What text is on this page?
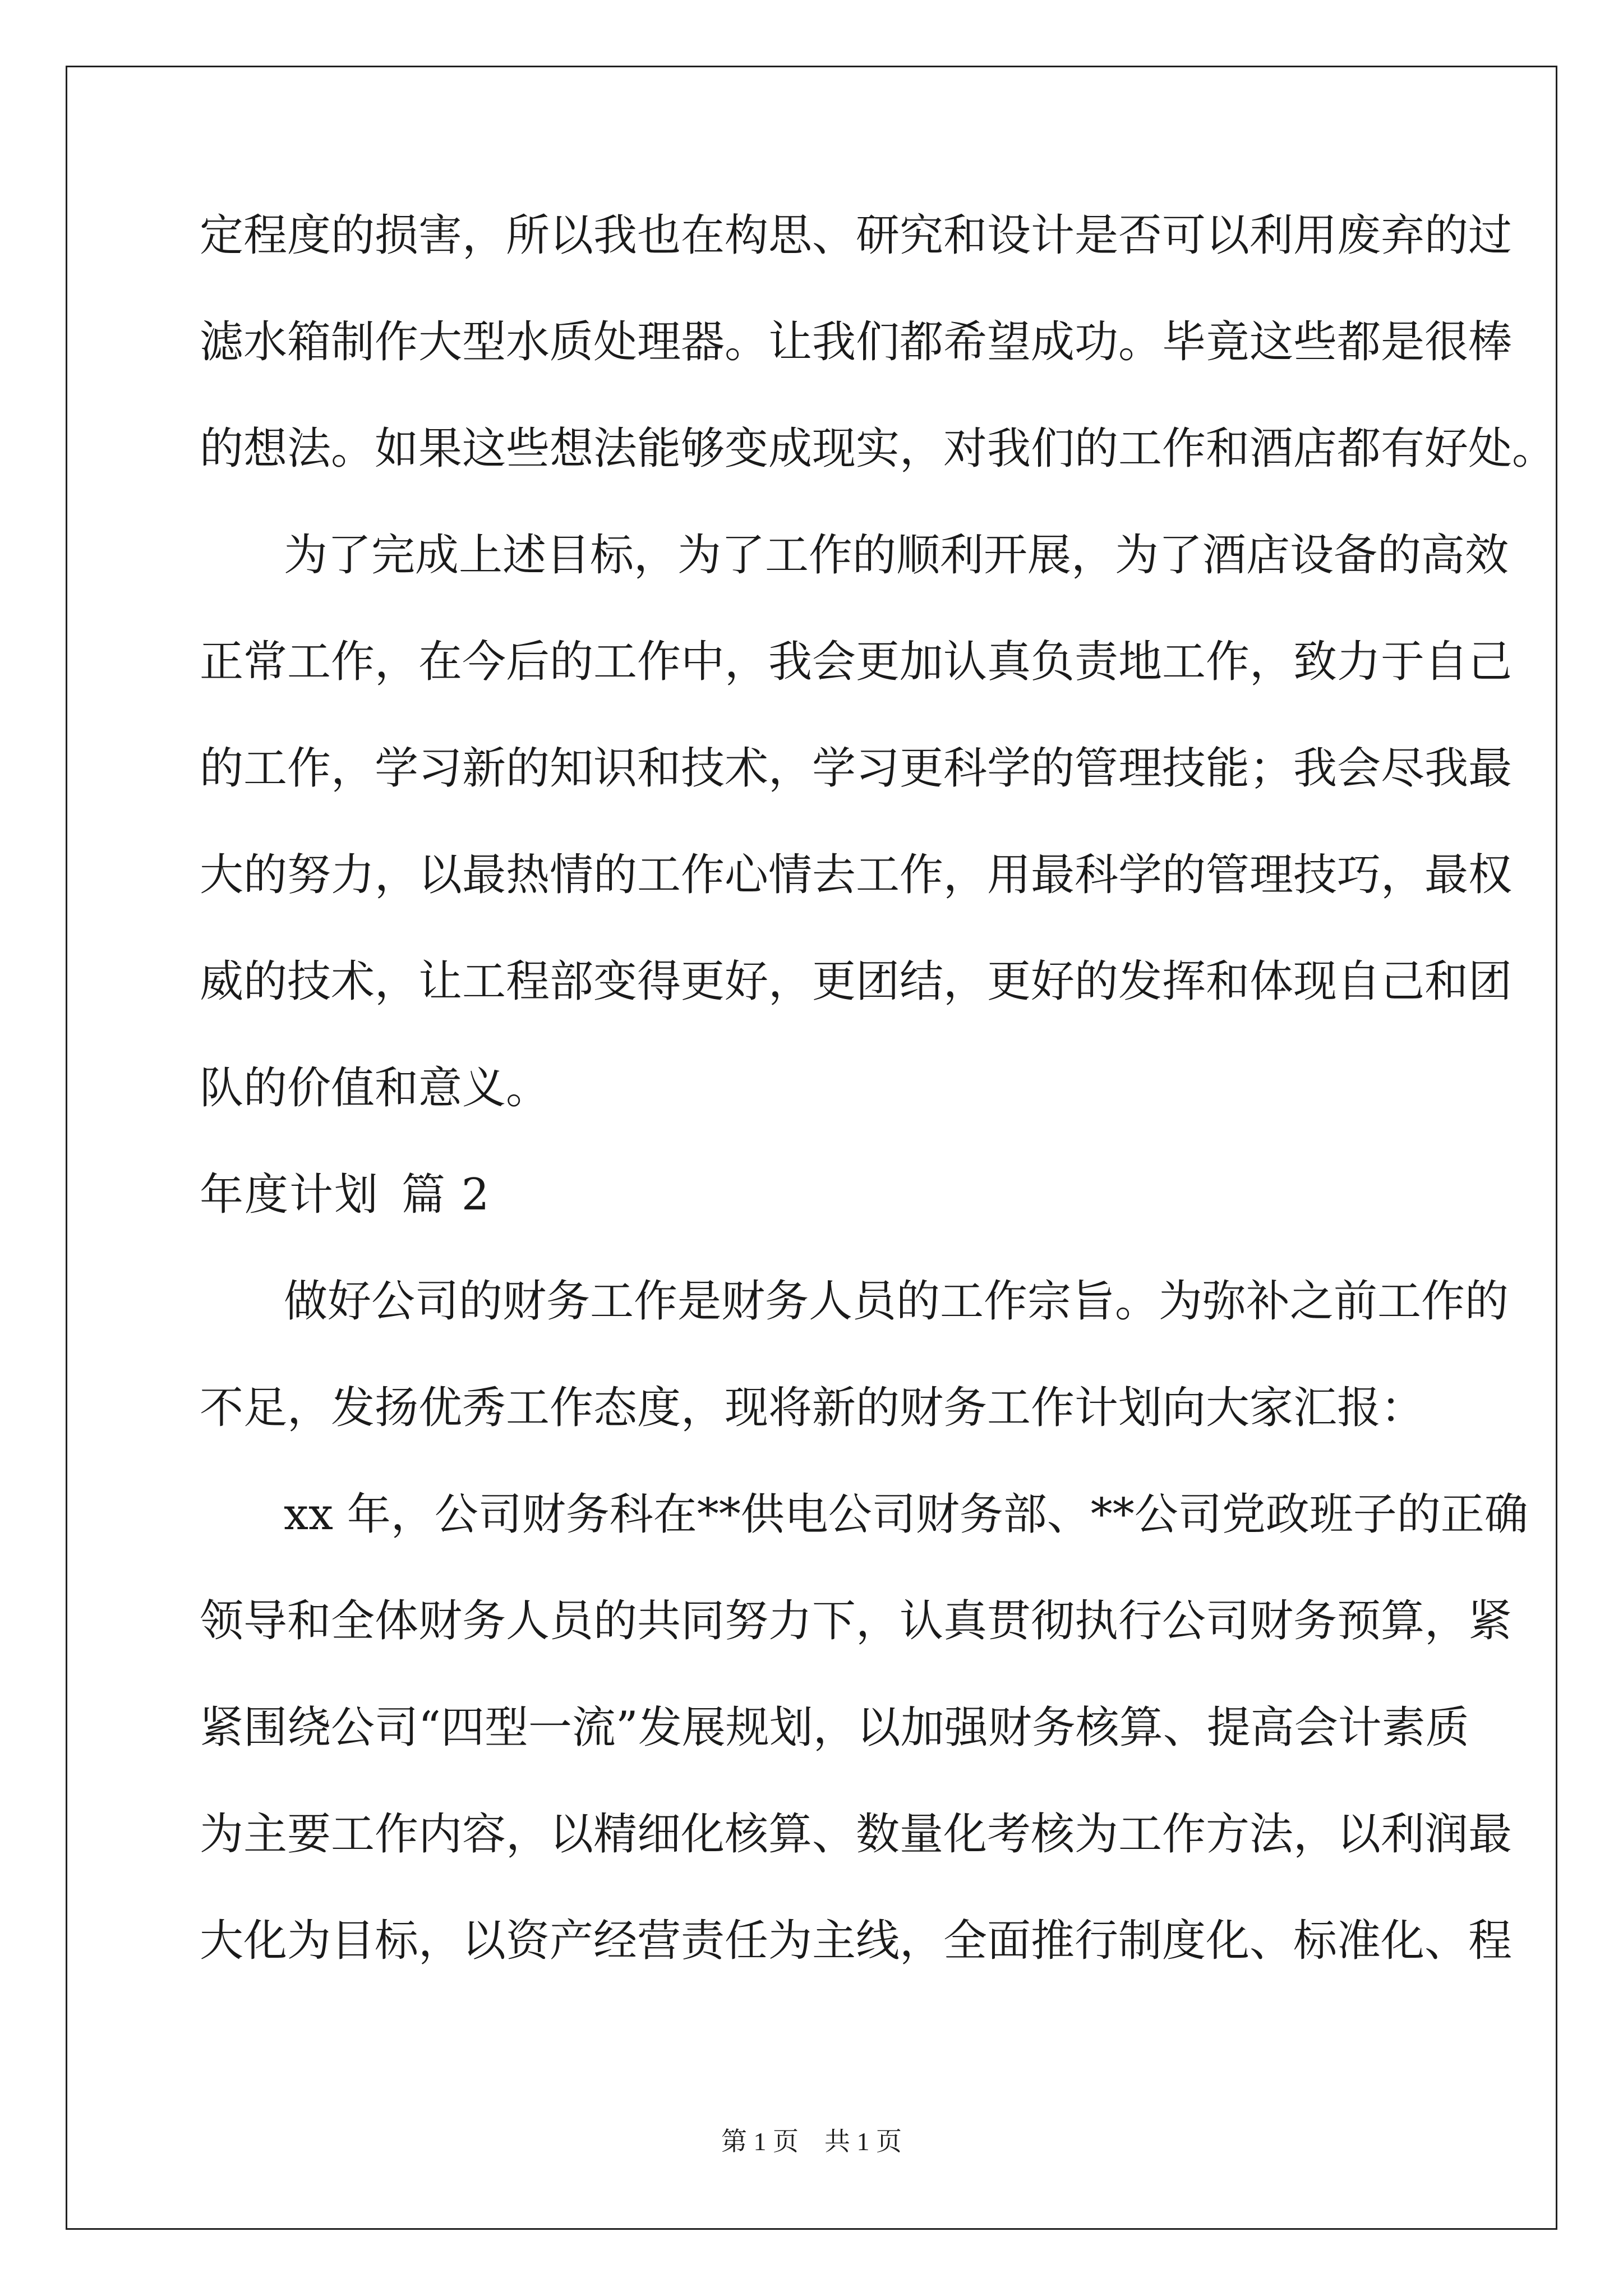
定程度的损害，所以我也在构思、研究和设计是否可以利用废弃的过
滤水箱制作大型水质处理器。让我们都希望成功。毕竟这些都是很棒
的想法。如果这些想法能够变成现实，对我们的工作和酒店都有好处。
为了完成上述目标，为了工作的顺利开展，为了酒店设备的高效
正常工作，在今后的工作中，我会更加认真负责地工作，致力于自己
的工作，学习新的知识和技术，学习更科学的管理技能；我会尽我最
大的努力，以最热情的工作心情去工作，用最科学的管理技巧，最权
威的技术，让工程部变得更好，更团结，更好的发挥和体现自己和团
队的价值和意义。
年度计划 篇 2
做好公司的财务工作是财务人员的工作宗旨。为弥补之前工作的
不足，发扬优秀工作态度，现将新的财务工作计划向大家汇报：
xx 年，公司财务科在**供电公司财务部、**公司党政班子的正确
领导和全体财务人员的共同努力下，认真贯彻执行公司财务预算，紧
紧围绕公司“四型一流”发展规划，以加强财务核算、提高会计素质
为主要工作内容，以精细化核算、数量化考核为工作方法，以利润最
大化为目标，以资产经营责任为主线，全面推行制度化、标准化、程
第 1 页 共 1 页
